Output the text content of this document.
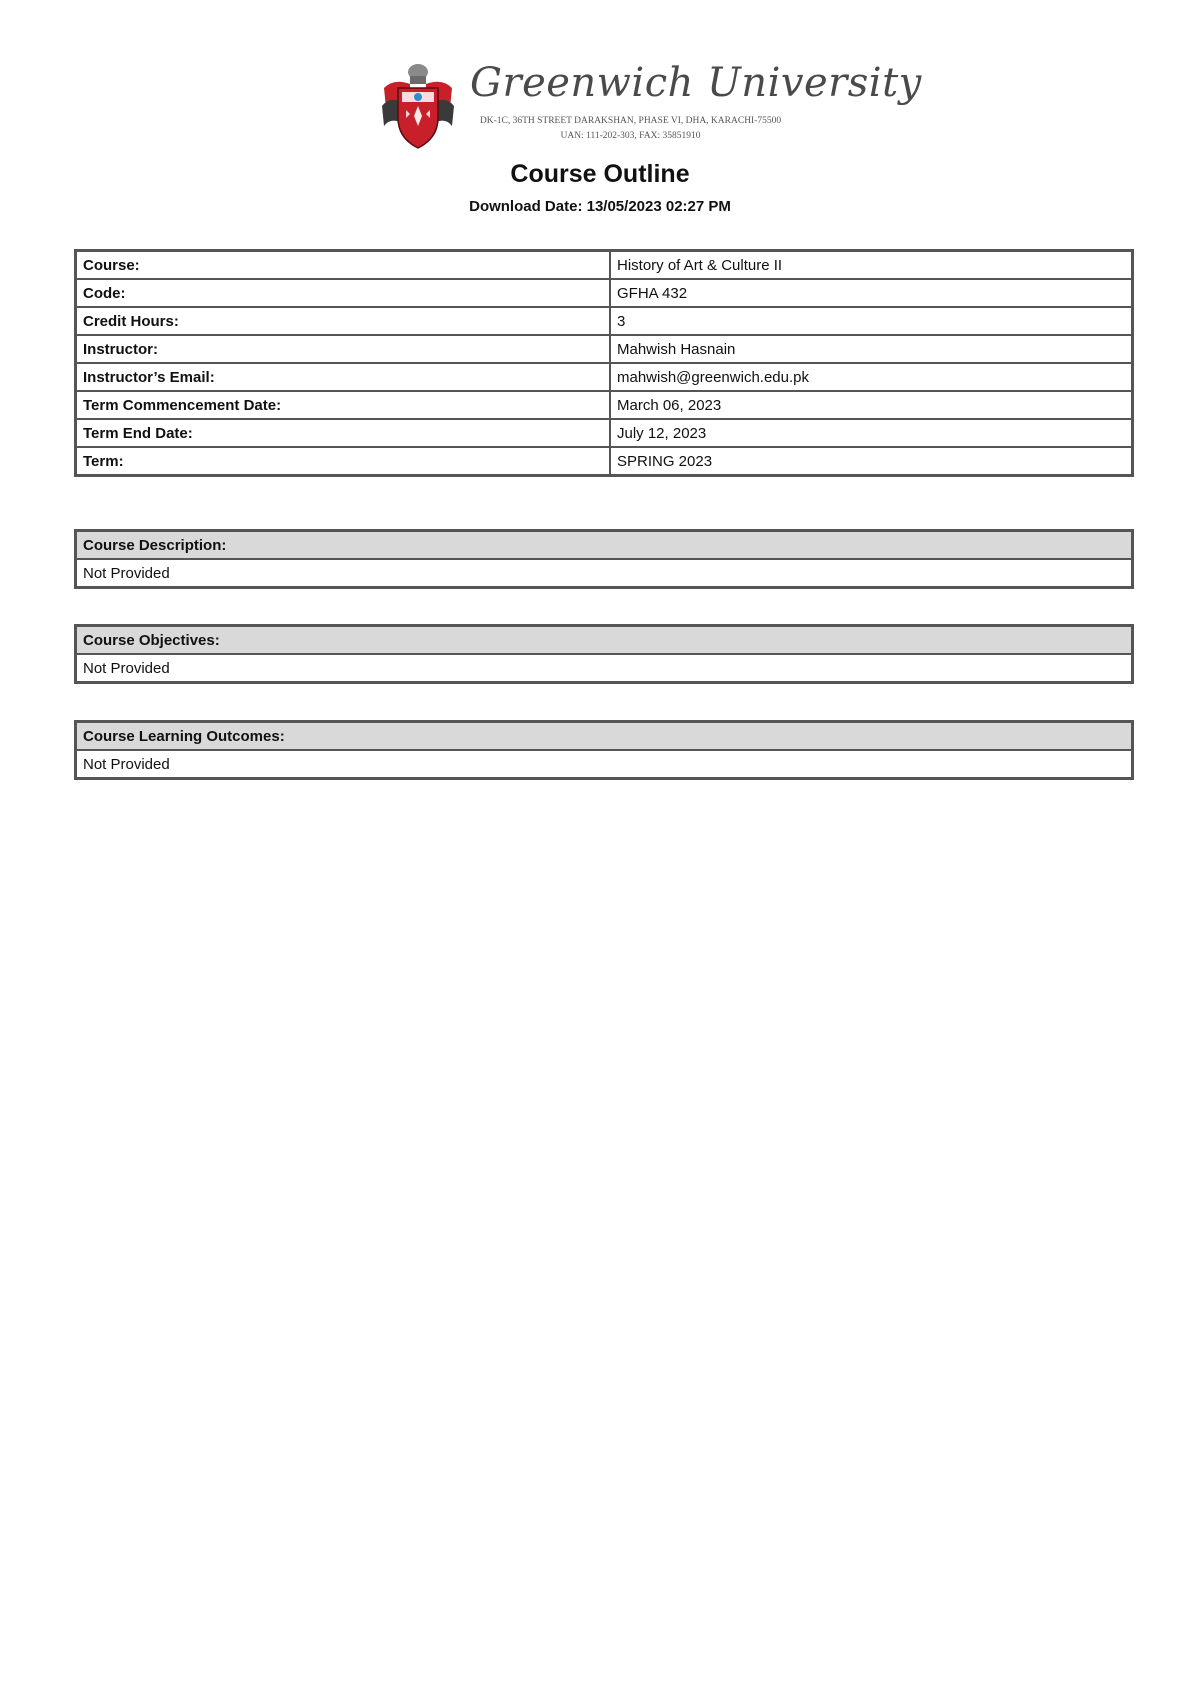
Greenwich University
DK-1C, 36TH STREET DARAKSHAN, PHASE VI, DHA, KARACHI-75500
UAN: 111-202-303, FAX: 35851910
Course Outline
Download Date: 13/05/2023 02:27 PM
Course:	History of Art & Culture II
Code:	GFHA 432
Credit Hours:	3
Instructor:	Mahwish Hasnain
Instructor’s Email:	mahwish@greenwich.edu.pk
Term Commencement Date:	March 06, 2023
Term End Date:	July 12, 2023
Term:	SPRING 2023
Course Description:
Not Provided
Course Objectives:
Not Provided
Course Learning Outcomes:
Not Provided
